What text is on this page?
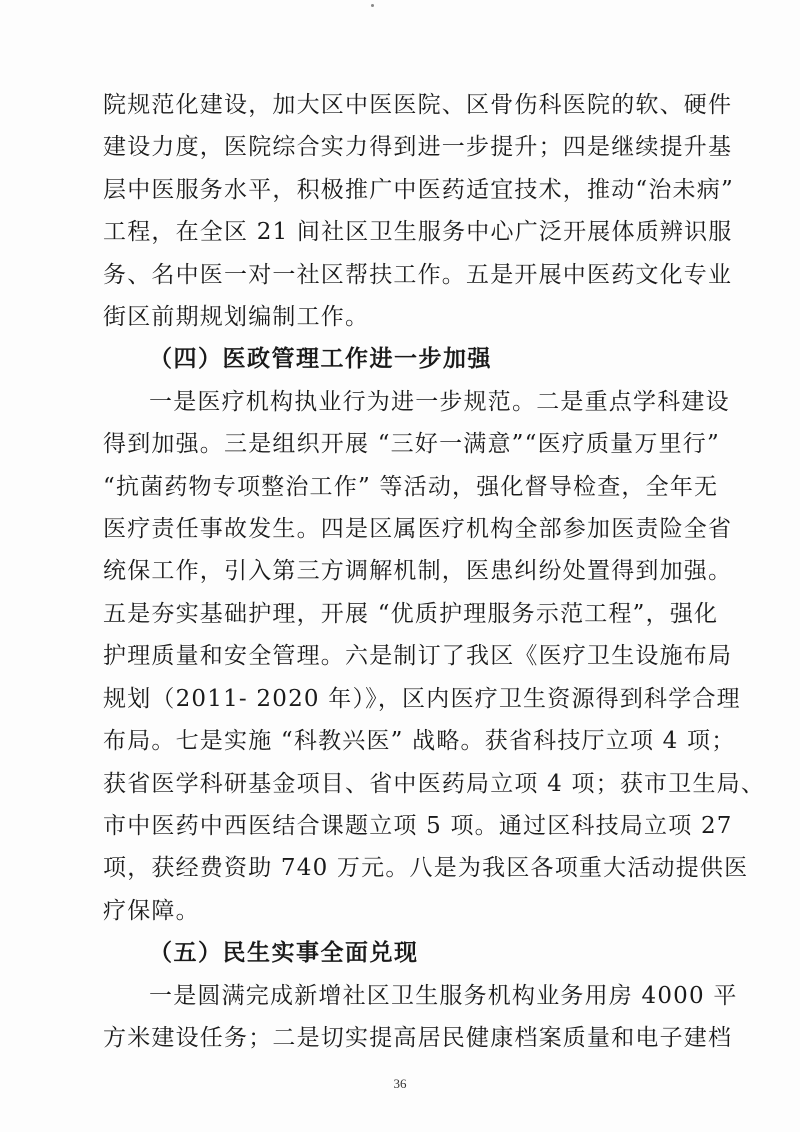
院规范化建设，加大区中医医院、区骨伤科医院的软、硬件
建设力度，医院综合实力得到进一步提升；四是继续提升基
层中医服务水平，积极推广中医药适宜技术，推动“治未病”
工程，在全区 21 间社区卫生服务中心广泛开展体质辨识服
务、名中医一对一社区帮扶工作。五是开展中医药文化专业
街区前期规划编制工作。

（四）医政管理工作进一步加强

一是医疗机构执业行为进一步规范。二是重点学科建设
得到加强。三是组织开展 “三好一满意”“医疗质量万里行”
“抗菌药物专项整治工作” 等活动，强化督导检查，全年无
医疗责任事故发生。四是区属医疗机构全部参加医责险全省
统保工作，引入第三方调解机制，医患纠纷处置得到加强。
五是夯实基础护理，开展 “优质护理服务示范工程”，强化
护理质量和安全管理。六是制订了我区《医疗卫生设施布局
规划（2011- 2020 年）》，区内医疗卫生资源得到科学合理
布局。七是实施 “科教兴医” 战略。获省科技厅立项 4 项；
获省医学科研基金项目、省中医药局立项 4 项；获市卫生局、
市中医药中西医结合课题立项 5 项。通过区科技局立项 27
项，获经费资助 740 万元。八是为我区各项重大活动提供医
疗保障。

（五）民生实事全面兑现

一是圆满完成新增社区卫生服务机构业务用房 4000 平
方米建设任务；二是切实提高居民健康档案质量和电子建档

36
